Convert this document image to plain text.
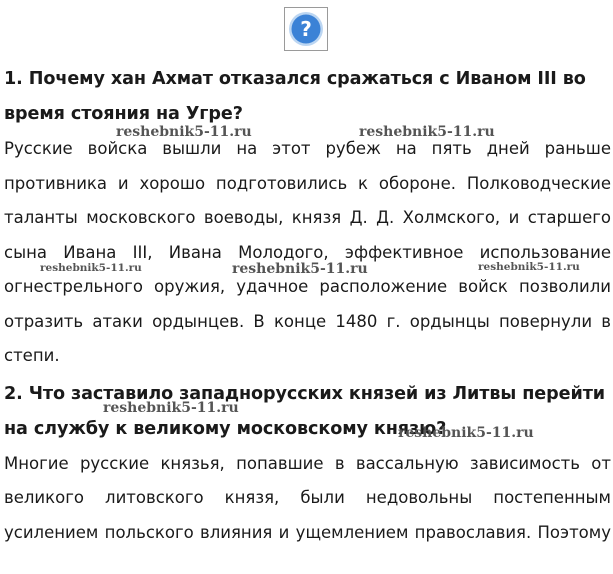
?

1. Почему хан Ахмат отказался сражаться с Иваном III во время стояния на Угре?

Русские войска вышли на этот рубеж на пять дней раньше противника и хорошо подготовились к обороне. Полководческие таланты московского воеводы, князя Д. Д. Холмского, и старшего сына Ивана III, Ивана Молодого, эффективное использование огнестрельного оружия, удачное расположение войск позволили отразить атаки ордынцев. В конце 1480 г. ордынцы повернули в степи.

2. Что заставило западнорусских князей из Литвы перейти на службу к великому московскому князю?

Многие русские князья, попавшие в вассальную зависимость от великого литовского князя, были недовольны постепенным усилением польского влияния и ущемлением православия. Поэтому

reshebnik5-11.ru	reshebnik5-11.ru
reshebnik5-11.ru	reshebnik5-11.ru	reshebnik5-11.ru
reshebnik5-11.ru
reshebnik5-11.ru
